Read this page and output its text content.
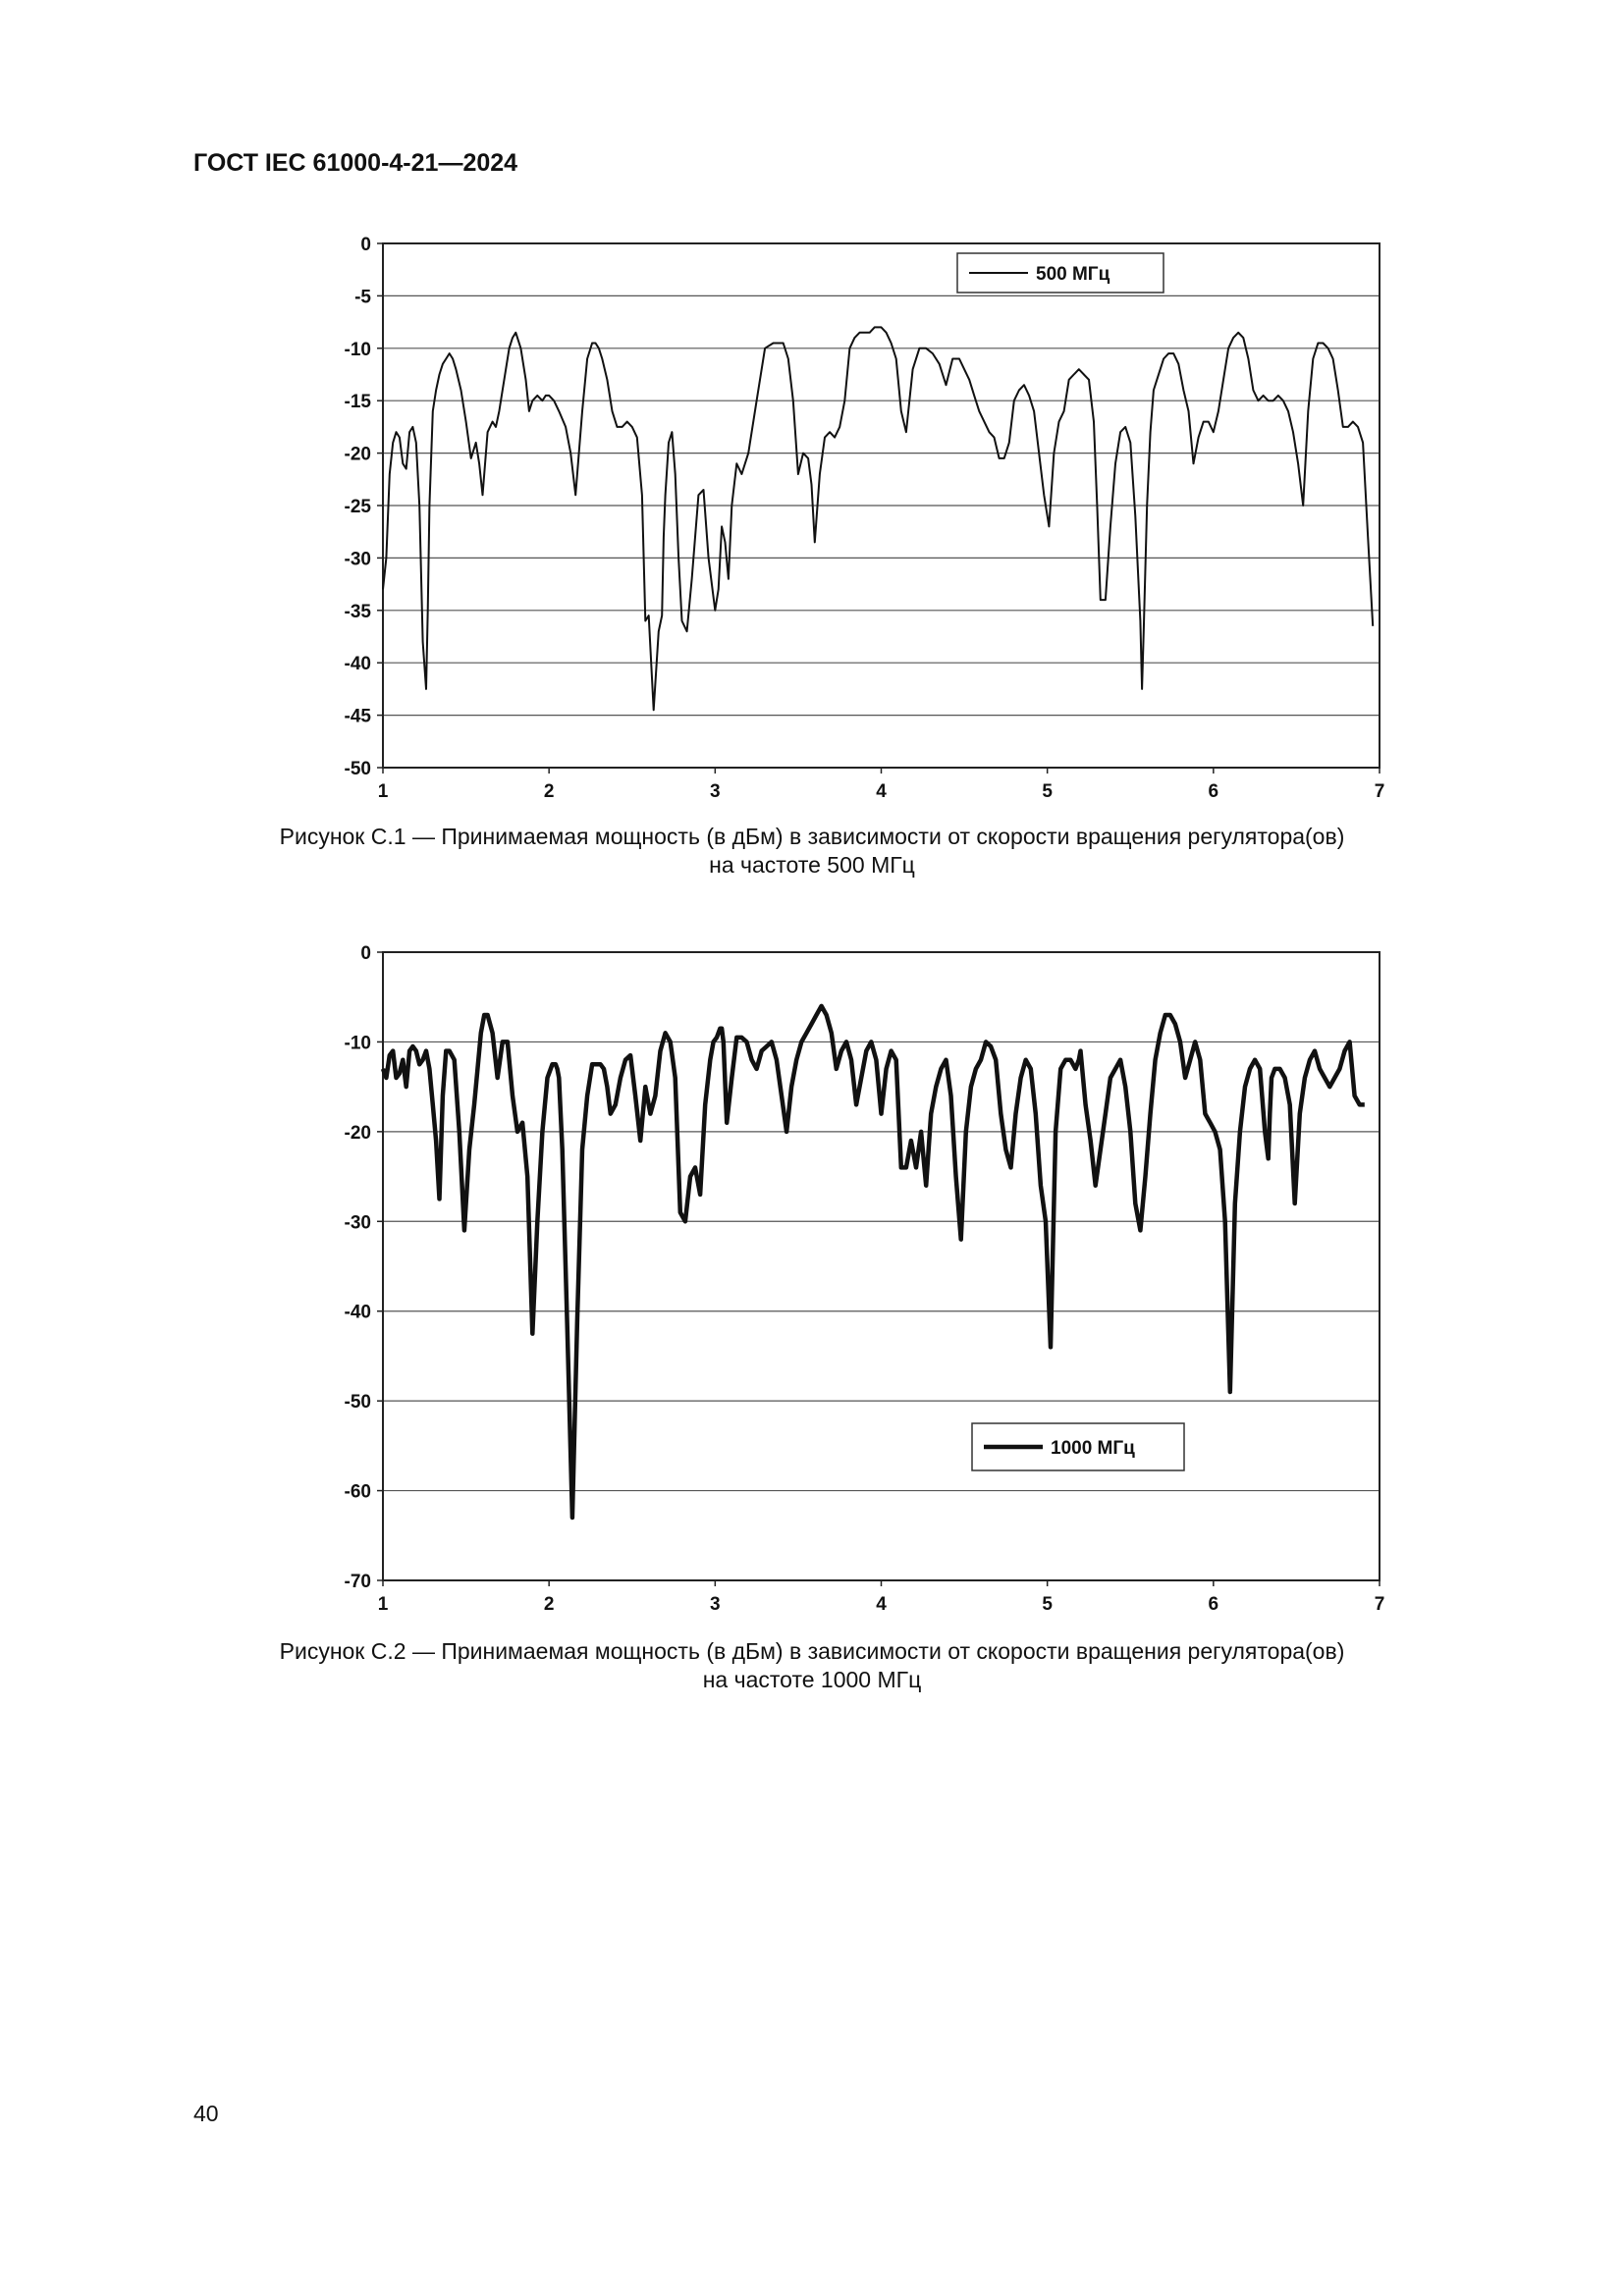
ГОСТ IEC 61000-4-21—2024
0
-5
-10
-15
-20
-25
-30
-35
-40
-45
-50
1	2	3	4	5	6	7
500 МГц
Рисунок С.1 — Принимаемая мощность (в дБм) в зависимости от скорости вращения регулятора(ов)
на частоте 500 МГц
0
-10
-20
-30
-40
-50
-60
-70
1	2	3	4	5	6	7
1000 МГц
Рисунок С.2 — Принимаемая мощность (в дБм) в зависимости от скорости вращения регулятора(ов)
на частоте 1000 МГц
40
